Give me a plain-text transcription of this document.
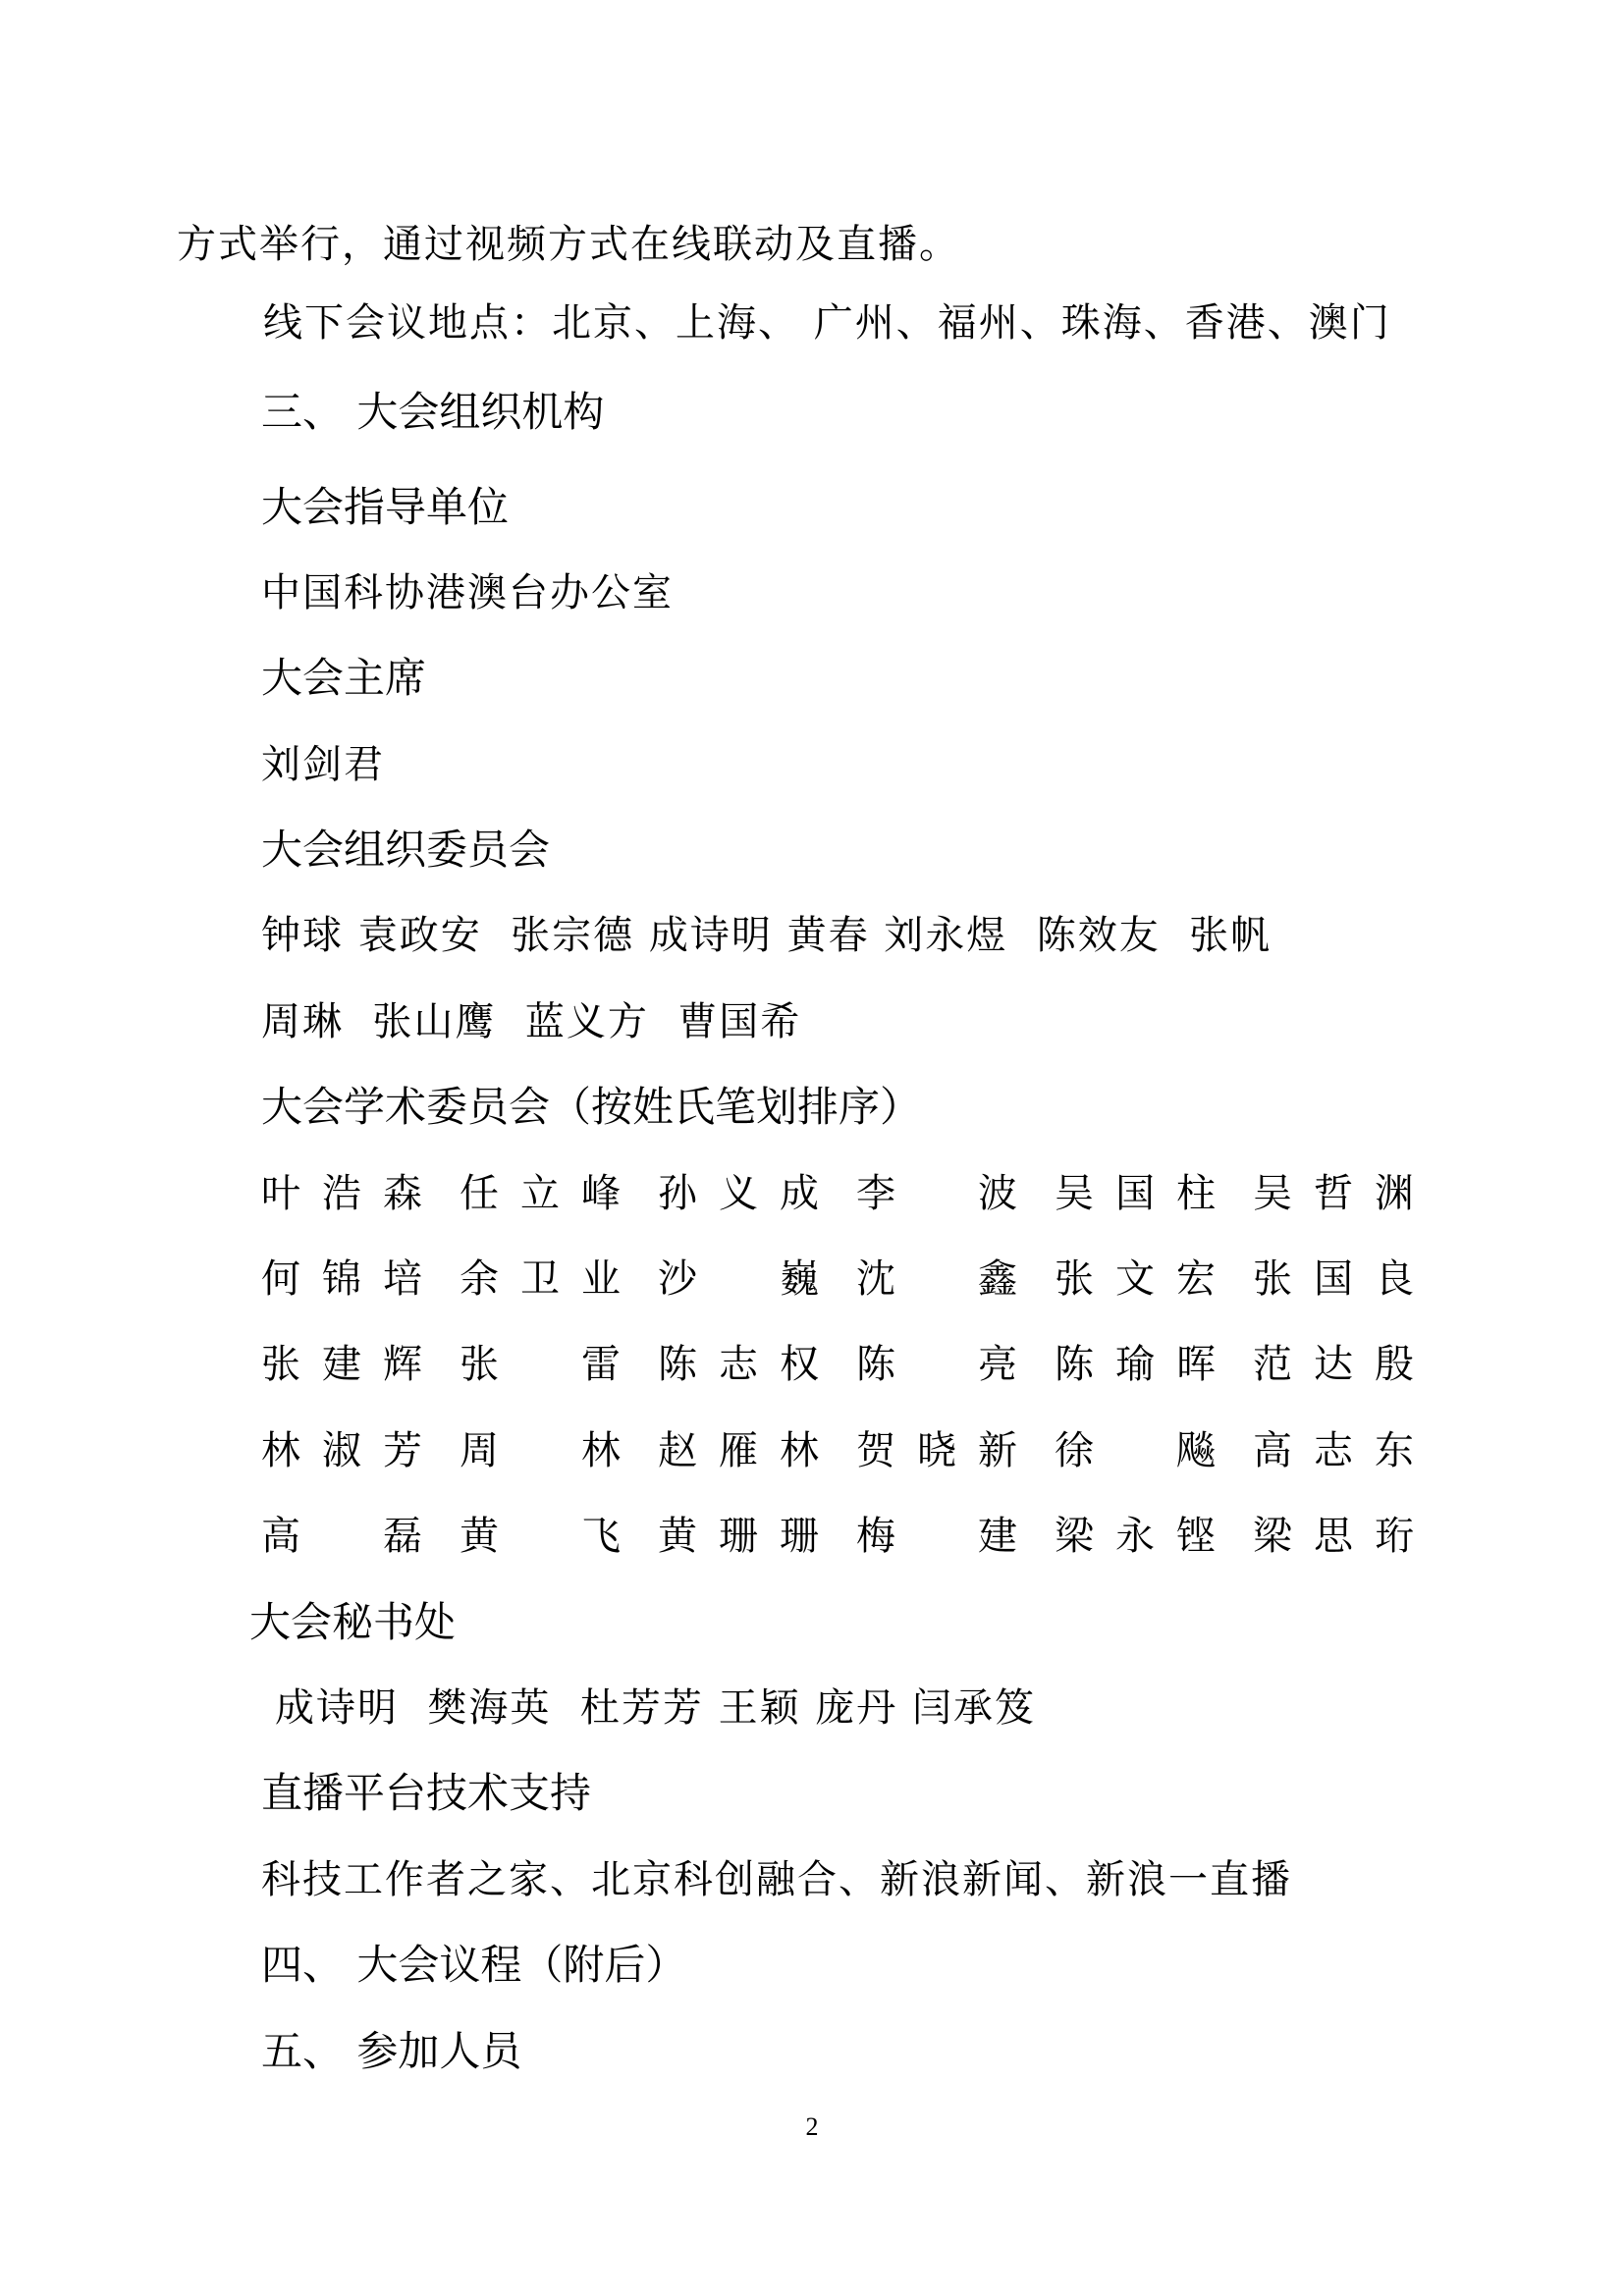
方式举行，通过视频方式在线联动及直播。

线下会议地点：北京、上海、 广州、福州、珠海、香港、澳门

三、 大会组织机构

大会指导单位

中国科协港澳台办公室

大会主席

刘剑君

大会组织委员会

钟球 袁政安  张宗德 成诗明 黄春 刘永煜  陈效友  张帆

周琳  张山鹰  蓝义方  曹国希

大会学术委员会（按姓氏笔划排序）

叶 浩 森 任 立 峰 孙 义 成 李 波 吴 国 柱 吴 哲 渊
何 锦 培 余 卫 业 沙 巍 沈 鑫 张 文 宏 张 国 良
张 建 辉 张 雷 陈 志 权 陈 亮 陈 瑜 晖 范 达 殷
林 淑 芳 周 林 赵 雁 林 贺 晓 新 徐 飚 高 志 东
高 磊 黄 飞 黄 珊 珊 梅 建 梁 永 铿 梁 思 珩

大会秘书处

成诗明  樊海英  杜芳芳 王颖 庞丹 闫承笈

直播平台技术支持

科技工作者之家、北京科创融合、新浪新闻、新浪一直播

四、 大会议程（附后）

五、 参加人员

2
